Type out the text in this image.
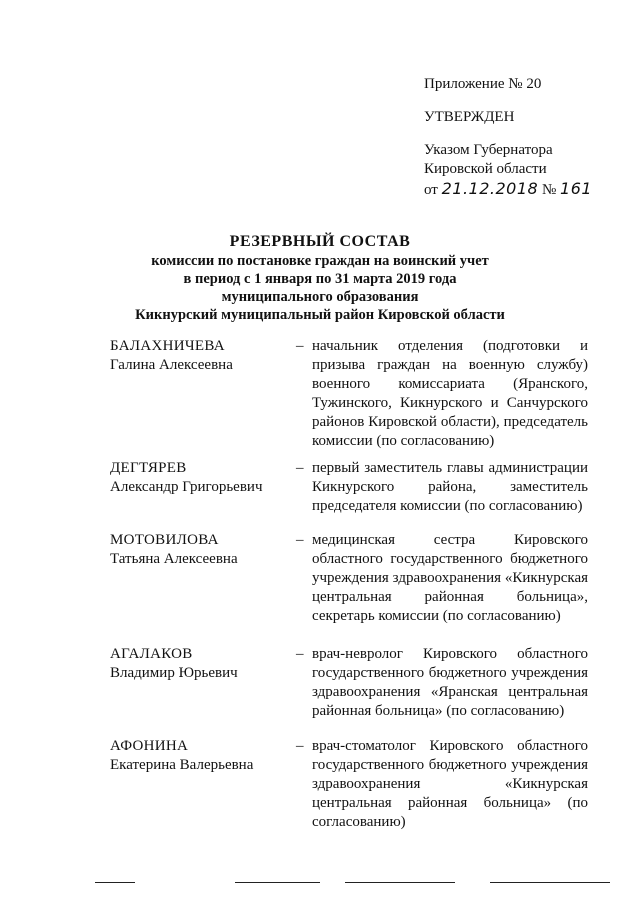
Приложение № 20
УТВЕРЖДЕН
Указом Губернатора
Кировской области
от 21.12.2018 № 161
РЕЗЕРВНЫЙ СОСТАВ
комиссии по постановке граждан на воинский учет
в период с 1 января по 31 марта 2019 года
муниципального образования
Кикнурский муниципальный район Кировской области
БАЛАХНИЧЕВА
Галина Алексеевна
– начальник отделения (подготовки и призыва граждан на военную службу) военного комиссариата (Яранского, Тужинского, Кикнурского и Санчурского районов Кировской области), председатель комиссии (по согласованию)
ДЕГТЯРЕВ
Александр Григорьевич
– первый заместитель главы администрации Кикнурского района, заместитель председателя комиссии (по согласованию)
МОТОВИЛОВА
Татьяна Алексеевна
– медицинская сестра Кировского областного государственного бюджетного учреждения здравоохранения «Кикнурская центральная районная больница», секретарь комиссии (по согласованию)
АГАЛАКОВ
Владимир Юрьевич
– врач-невролог Кировского областного государственного бюджетного учреждения здравоохранения «Яранская центральная районная больница» (по согласованию)
АФОНИНА
Екатерина Валерьевна
– врач-стоматолог Кировского областного государственного бюджетного учреждения здравоохранения «Кикнурская центральная районная больница» (по согласованию)
